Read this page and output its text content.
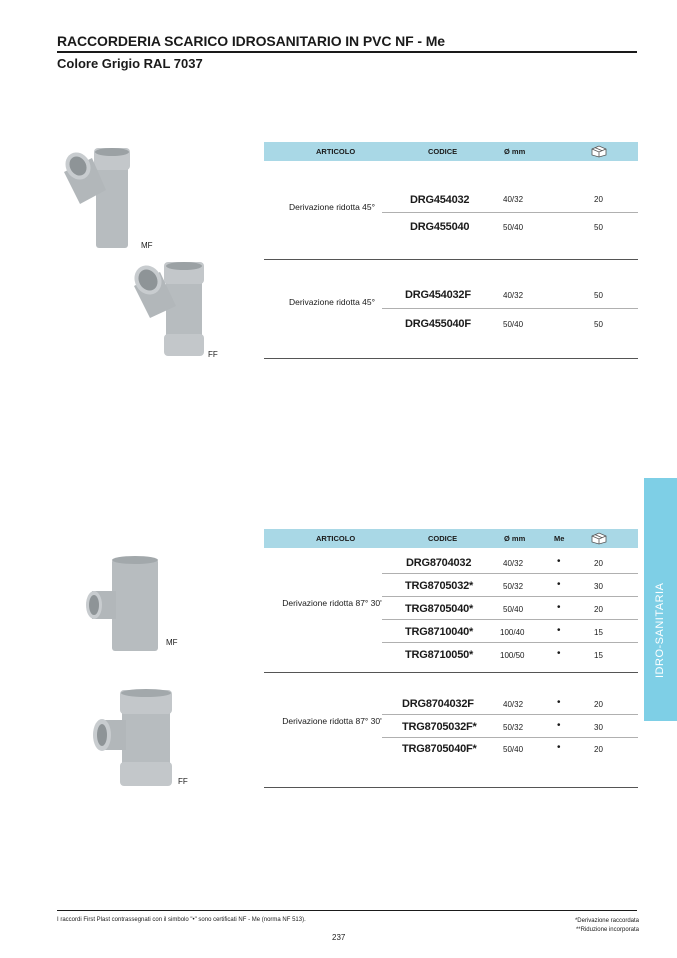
RACCORDERIA SCARICO IDROSANITARIO IN PVC NF - Me
Colore Grigio RAL 7037
ARTICOLO	CODICE	Ø mm
MF
Derivazione ridotta 45°
DRG454032	40/32	20
DRG455040	50/40	50
FF
Derivazione ridotta 45°
DRG454032F	40/32	50
DRG455040F	50/40	50
ARTICOLO	CODICE	Ø mm	Me
MF
Derivazione ridotta 87° 30'
DRG8704032	40/32	•	20
TRG8705032*	50/32	•	30
TRG8705040*	50/40	•	20
TRG8710040*	100/40	•	15
TRG8710050*	100/50	•	15
FF
Derivazione ridotta 87° 30'
DRG8704032F	40/32	•	20
TRG8705032F*	50/32	•	30
TRG8705040F*	50/40	•	20
IDRO-SANITARIA
I raccordi First Plast contrassegnati con il simbolo "•" sono certificati NF - Me (norma NF 513).	*Derivazione raccordata
**Riduzione incorporata
237
